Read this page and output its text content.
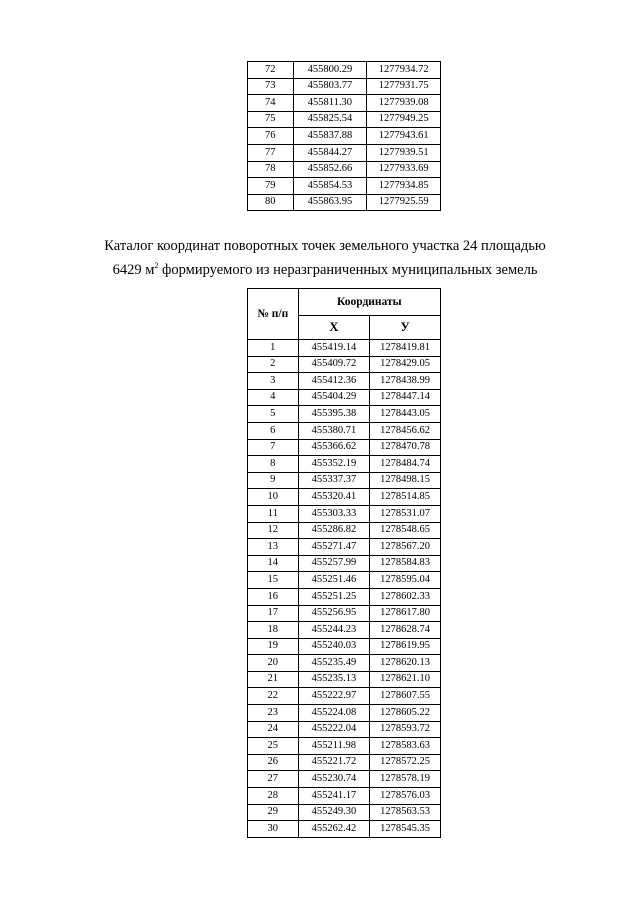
72	455800.29	1277934.72
73	455803.77	1277931.75
74	455811.30	1277939.08
75	455825.54	1277949.25
76	455837.88	1277943.61
77	455844.27	1277939.51
78	455852.66	1277933.69
79	455854.53	1277934.85
80	455863.95	1277925.59
Каталог координат поворотных точек земельного участка 24 площадью
6429 $м^2$ формируемого из неразграниченных муниципальных земель
№ п/п	Координаты	
	Х	У
1	455419.14	1278419.81
2	455409.72	1278429.05
3	455412.36	1278438.99
4	455404.29	1278447.14
5	455395.38	1278443.05
6	455380.71	1278456.62
7	455366.62	1278470.78
8	455352.19	1278484.74
9	455337.37	1278498.15
10	455320.41	1278514.85
11	455303.33	1278531.07
12	455286.82	1278548.65
13	455271.47	1278567.20
14	455257.99	1278584.83
15	455251.46	1278595.04
16	455251.25	1278602.33
17	455256.95	1278617.80
18	455244.23	1278628.74
19	455240.03	1278619.95
20	455235.49	1278620.13
21	455235.13	1278621.10
22	455222.97	1278607.55
23	455224.08	1278605.22
24	455222.04	1278593.72
25	455211.98	1278583.63
26	455221.72	1278572.25
27	455230.74	1278578.19
28	455241.17	1278576.03
29	455249.30	1278563.53
30	455262.42	1278545.35
